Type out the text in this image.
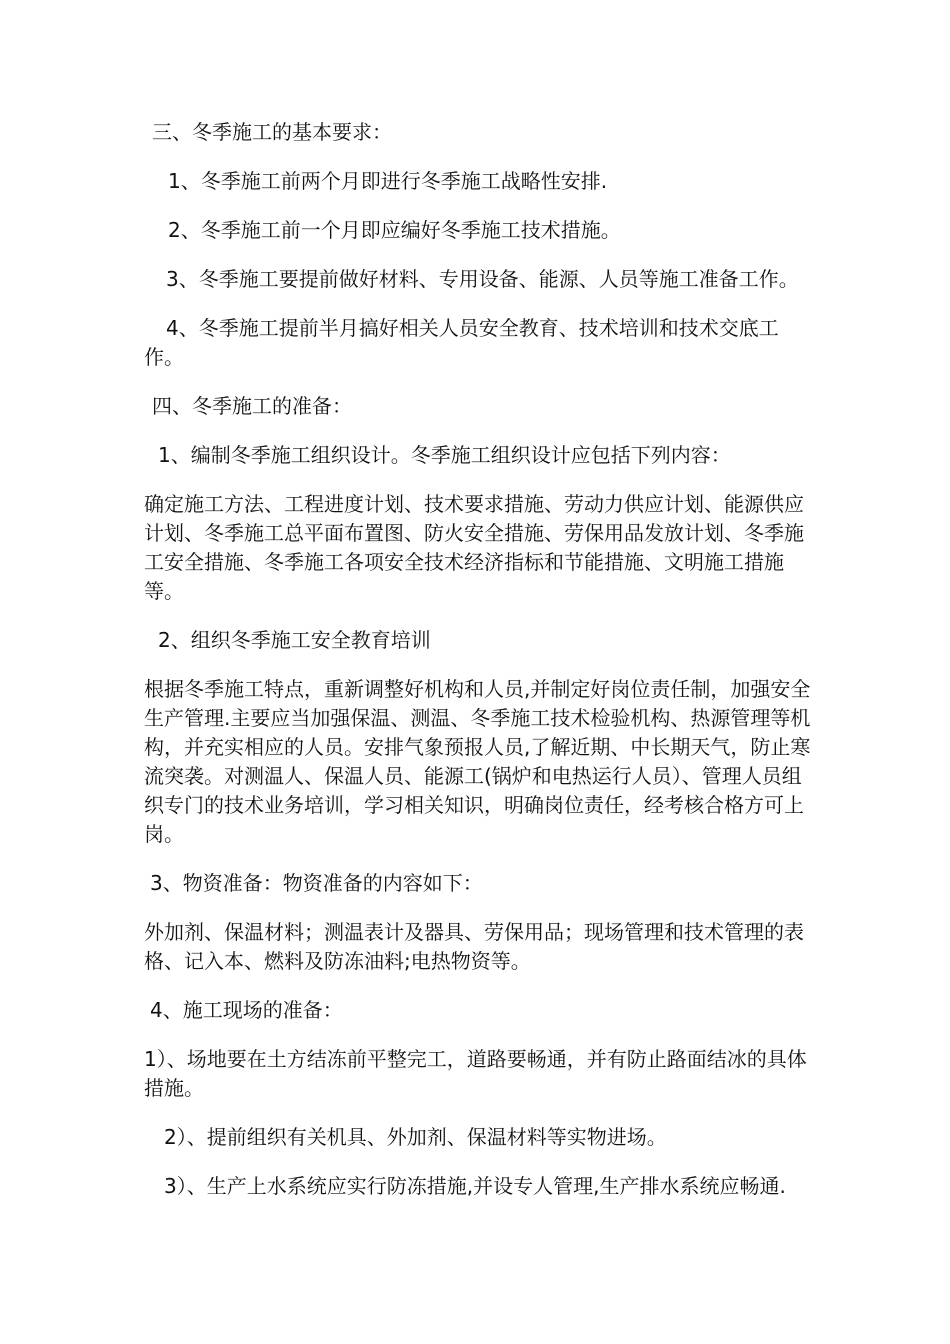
三、冬季施工的基本要求：

1、冬季施工前两个月即进行冬季施工战略性安排.

2、冬季施工前一个月即应编好冬季施工技术措施。

3、冬季施工要提前做好材料、专用设备、能源、人员等施工准备工作。

4、冬季施工提前半月搞好相关人员安全教育、技术培训和技术交底工作。

四、冬季施工的准备：

1、编制冬季施工组织设计。冬季施工组织设计应包括下列内容：

确定施工方法、工程进度计划、技术要求措施、劳动力供应计划、能源供应计划、冬季施工总平面布置图、防火安全措施、劳保用品发放计划、冬季施工安全措施、冬季施工各项安全技术经济指标和节能措施、文明施工措施等。

2、组织冬季施工安全教育培训

根据冬季施工特点，重新调整好机构和人员,并制定好岗位责任制，加强安全生产管理.主要应当加强保温、测温、冬季施工技术检验机构、热源管理等机构，并充实相应的人员。安排气象预报人员,了解近期、中长期天气，防止寒流突袭。对测温人、保温人员、能源工(锅炉和电热运行人员）、管理人员组织专门的技术业务培训，学习相关知识，明确岗位责任，经考核合格方可上岗。

3、物资准备：物资准备的内容如下：

外加剂、保温材料；测温表计及器具、劳保用品；现场管理和技术管理的表格、记入本、燃料及防冻油料;电热物资等。

4、施工现场的准备：

1）、场地要在土方结冻前平整完工，道路要畅通，并有防止路面结冰的具体措施。

2）、提前组织有关机具、外加剂、保温材料等实物进场。

3）、生产上水系统应实行防冻措施,并设专人管理,生产排水系统应畅通.
